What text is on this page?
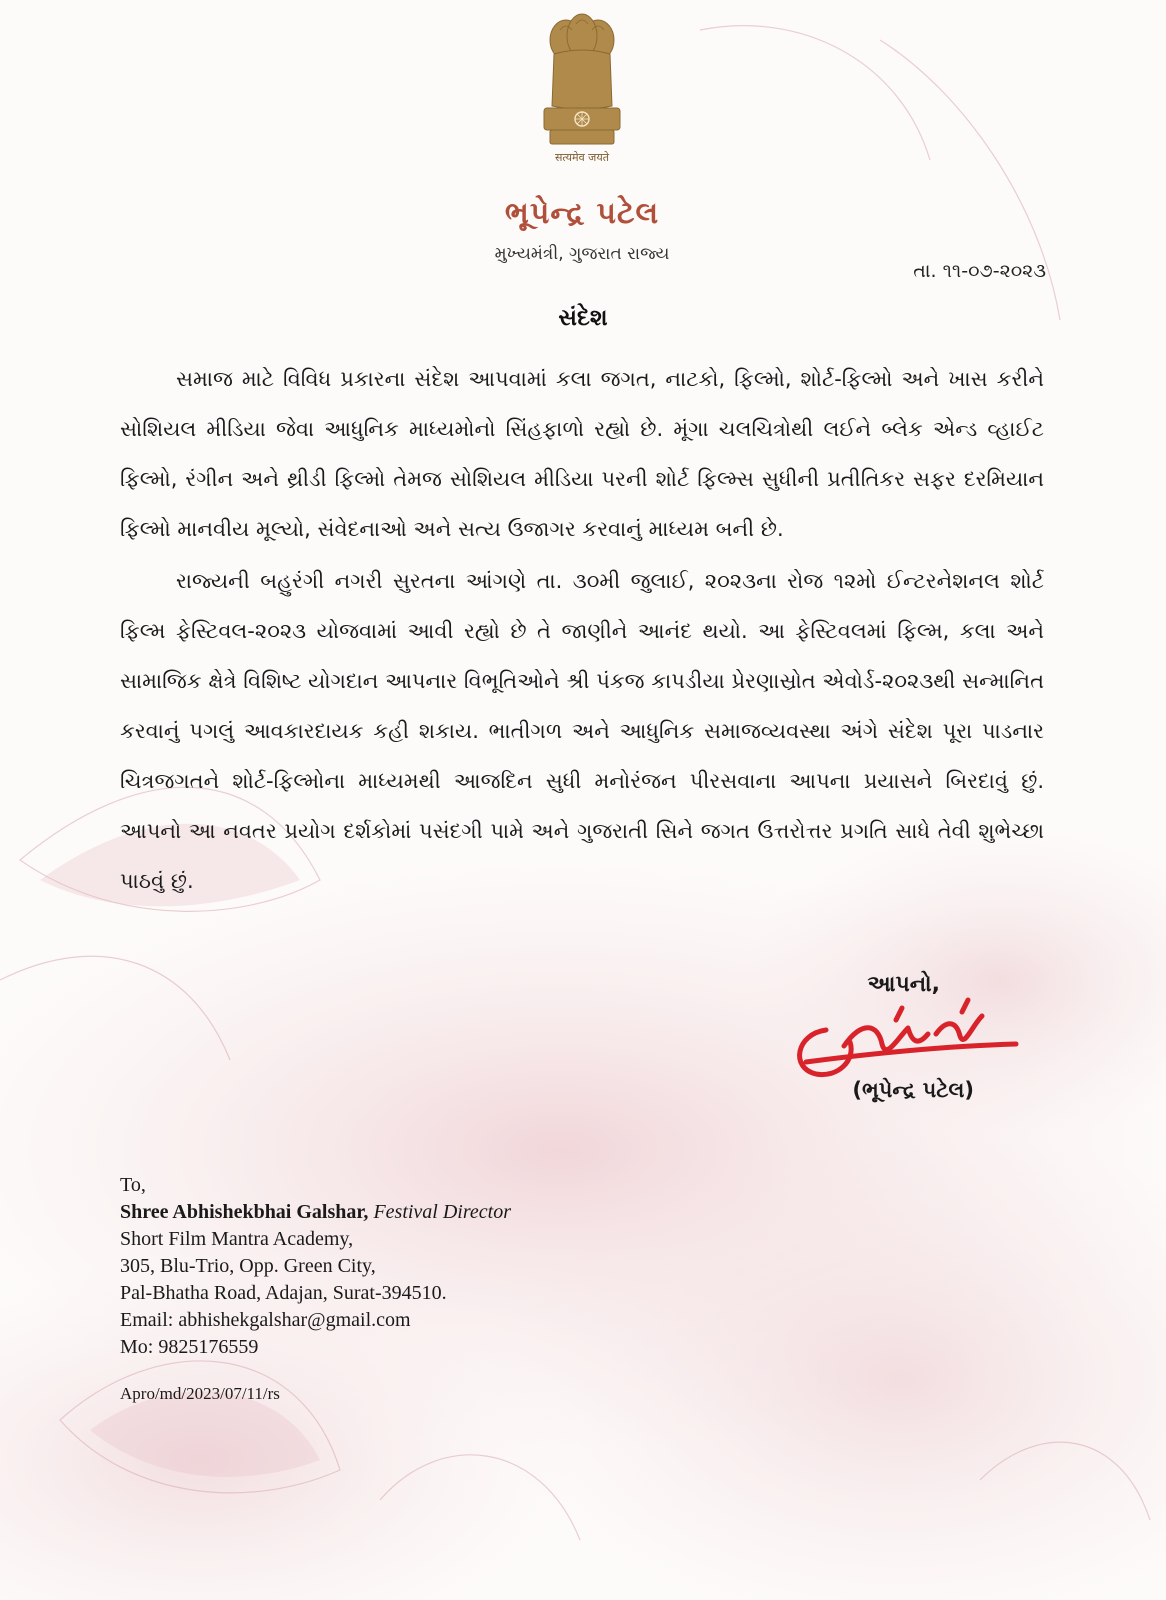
सत्यमेव जयते
ભૂપેન્દ્ર પટેલ
મુખ્યમંત્રી, ગુજરાત રાજ્ય
તા. ૧૧-૦૭-૨૦૨૩
સંદેશ

સમાજ માટે વિવિધ પ્રકારના સંદેશ આપવામાં કલા જગત, નાટકો, ફિલ્મો, શોર્ટ-ફિલ્મો અને ખાસ કરીને સોશિયલ મીડિયા જેવા આધુનિક માધ્યમોનો સિંહફાળો રહ્યો છે. મૂંગા ચલચિત્રોથી લઈને બ્લેક એન્ડ વ્હાઈટ ફિલ્મો, રંગીન અને થ્રીડી ફિલ્મો તેમજ સોશિયલ મીડિયા પરની શોર્ટ ફિલ્મ્સ સુધીની પ્રતીતિકર સફર દરમિયાન ફિલ્મો માનવીય મૂલ્યો, સંવેદનાઓ અને સત્ય ઉજાગર કરવાનું માધ્યમ બની છે.

રાજ્યની બહુરંગી નગરી સુરતના આંગણે તા. ૩૦મી જુલાઈ, ૨૦૨૩ના રોજ ૧૨મો ઈન્ટરનેશનલ શોર્ટ ફિલ્મ ફેસ્ટિવલ-૨૦૨૩ યોજવામાં આવી રહ્યો છે તે જાણીને આનંદ થયો. આ ફેસ્ટિવલમાં ફિલ્મ, કલા અને સામાજિક ક્ષેત્રે વિશિષ્ટ યોગદાન આપનાર વિભૂતિઓને શ્રી પંકજ કાપડીયા પ્રેરણાસ્રોત એવોર્ડ-૨૦૨૩થી સન્માનિત કરવાનું પગલું આવકારદાયક કહી શકાય. ભાતીગળ અને આધુનિક સમાજવ્યવસ્થા અંગે સંદેશ પૂરા પાડનાર ચિત્રજગતને શોર્ટ-ફિલ્મોના માધ્યમથી આજદિન સુધી મનોરંજન પીરસવાના આપના પ્રયાસને બિરદાવું છું. આપનો આ નવતર પ્રયોગ દર્શકોમાં પસંદગી પામે અને ગુજરાતી સિને જગત ઉત્તરોત્તર પ્રગતિ સાધે તેવી શુભેચ્છા પાઠવું છું.

આપનો,
(ભૂપેન્દ્ર પટેલ)
To,
Shree Abhishekbhai Galshar, Festival Director
Short Film Mantra Academy,
305, Blu-Trio, Opp. Green City,
Pal-Bhatha Road, Adajan, Surat-394510.
Email: abhishekgalshar@gmail.com
Mo: 9825176559
Apro/md/2023/07/11/rs
